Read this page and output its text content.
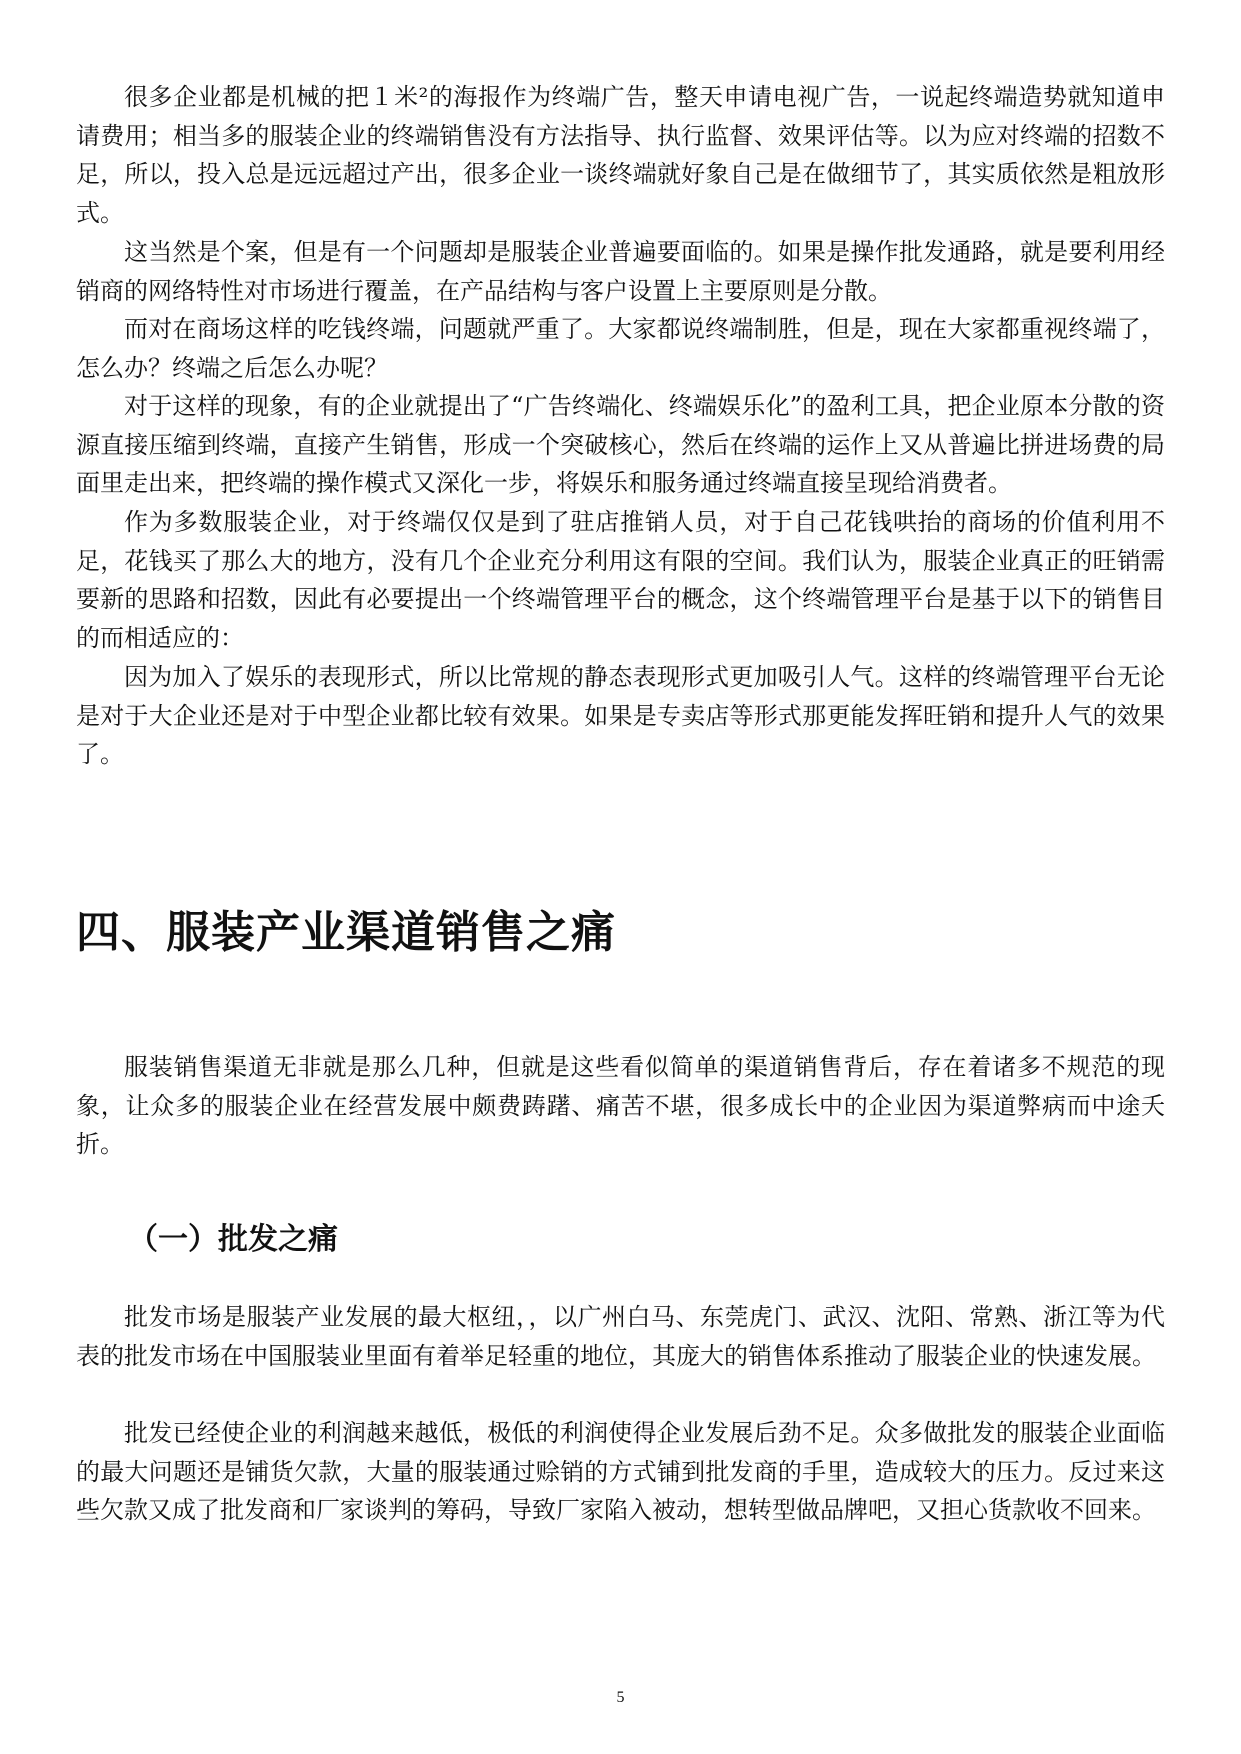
很多企业都是机械的把１米²的海报作为终端广告，整天申请电视广告，一说起终端造势就知道申请费用；相当多的服装企业的终端销售没有方法指导、执行监督、效果评估等。以为应对终端的招数不足，所以，投入总是远远超过产出，很多企业一谈终端就好象自己是在做细节了，其实质依然是粗放形式。

这当然是个案，但是有一个问题却是服装企业普遍要面临的。如果是操作批发通路，就是要利用经销商的网络特性对市场进行覆盖，在产品结构与客户设置上主要原则是分散。

而对在商场这样的吃钱终端，问题就严重了。大家都说终端制胜，但是，现在大家都重视终端了，怎么办？终端之后怎么办呢？

对于这样的现象，有的企业就提出了“广告终端化、终端娱乐化”的盈利工具，把企业原本分散的资源直接压缩到终端，直接产生销售，形成一个突破核心，然后在终端的运作上又从普遍比拼进场费的局面里走出来，把终端的操作模式又深化一步，将娱乐和服务通过终端直接呈现给消费者。

作为多数服装企业，对于终端仅仅是到了驻店推销人员，对于自己花钱哄抬的商场的价值利用不足，花钱买了那么大的地方，没有几个企业充分利用这有限的空间。我们认为，服装企业真正的旺销需要新的思路和招数，因此有必要提出一个终端管理平台的概念，这个终端管理平台是基于以下的销售目的而相适应的：

因为加入了娱乐的表现形式，所以比常规的静态表现形式更加吸引人气。这样的终端管理平台无论是对于大企业还是对于中型企业都比较有效果。如果是专卖店等形式那更能发挥旺销和提升人气的效果了。

四、服装产业渠道销售之痛

服装销售渠道无非就是那么几种，但就是这些看似简单的渠道销售背后，存在着诸多不规范的现象，让众多的服装企业在经营发展中颇费踌躇、痛苦不堪，很多成长中的企业因为渠道弊病而中途夭折。

（一）批发之痛

批发市场是服装产业发展的最大枢纽，，以广州白马、东莞虎门、武汉、沈阳、常熟、浙江等为代表的批发市场在中国服装业里面有着举足轻重的地位，其庞大的销售体系推动了服装企业的快速发展。

批发已经使企业的利润越来越低，极低的利润使得企业发展后劲不足。众多做批发的服装企业面临的最大问题还是铺货欠款，大量的服装通过赊销的方式铺到批发商的手里，造成较大的压力。反过来这些欠款又成了批发商和厂家谈判的筹码，导致厂家陷入被动，想转型做品牌吧，又担心货款收不回来。

5
